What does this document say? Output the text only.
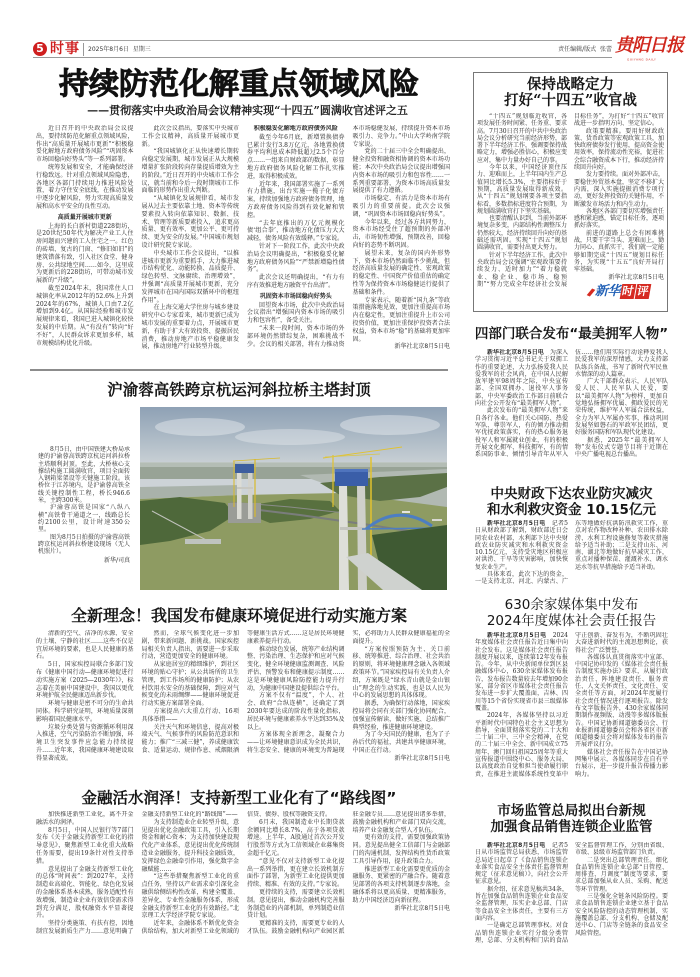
5 时事 2025年8月6日  星期三	责任编辑/版式  张蕾 贵阳日报
GUIYANG DAILY
持续防范化解重点领域风险
——贯彻落实中央政治局会议精神实现“十四五”圆满收官述评之五

近日召开的中央政治局会议提出，要持续防范化解重点领域风险，作出“高质量开展城市更新”“积极稳妥化解地方政府债务风险”“巩固资本市场回稳向好势头”等一系列部署。

统筹发展和安全，才能确保经济行稳致远。针对重点领域风险隐患，各地区各部门持续用力推进风险处置，着力守住安全底线，在推动发展中逐步化解风险，努力实现高质量发展和高水平安全的良性互动。

高质量开展城市更新

上海的长白新村街道228街坊，是20世纪50年代为解决产业工人住房问题而兴建的工人住宅之一。红色的砖墙、复古的门窗、“修旧如旧”的建筑错落有致，引入社区食堂、健身房、公共绿地空间……如今，这里成为更新后的228街坊，可带动城市发展新的“升级”。

截至2024年末，我国常住人口城镇化率从2012年的52.6%上升到2024年的67%，城镇人口由7.2亿增加到9.4亿。从国际经验和城市发展规律来看，我国已进入城镇化较快发展的中后期。从“有没有”转向“好不好”，人民群众诉求更加多样，城市规模结构优化升级。

此次会议指出，要落实中央城市工作会议精神，高质量开展城市更新。

“我国城镇化正从快速增长期转向稳定发展期，城市发展正从大规模增量扩张阶段转向存量提质增效为主的阶段。”近日召开的中央城市工作会议，就当前和今后一段时期城市工作面临的形势作出重大判断。

“从城镇化发展规律看，城市发展从过去主要依靠土地、资本等传统要素投入转向依靠知识、数据、技术、管理等新质要素投入，追求更高质量、更有效率、更加公平、更可持续、更为安全的发展。”中国城市规划设计研究院专家说。

中央城市工作会议提出，“以推进城市更新为重要抓手，大力推进城市结构优化、动能转换、品质提升、绿色转型、文脉赓续、治理增效”，并强调“高质量开展城市更新，充分发挥城市在国内国际双循环中的枢纽作用”。

在上海交通大学住房与城乡建设研究中心专家看来，城市更新已成为城市发展的重要着力点，开展城市更新，有助于扩大有效投资、提振居民消费，推动房地产市场平稳健康发展，推动房地产行业转型升级。

积极稳妥化解地方政府债务风险

截至今年6月底，新增置换债券已累计发行3.8万亿元，各地置换债券平均利息成本降低超过2.5个百分点……一组来自财政部的数据，彰显地方政府债务风险化解工作扎实推进，取得积极成效。

近年来，我国部署实施了一系列有力措施，出台实施一揽子化债方案，持续加强地方政府债务管理，地方政府债务风险得到有效化解和管控。

“去年底推出的万亿元规模化债‘组合拳’，推动地方化债压力大大减轻，债务风险有效缓释。”专家说。

针对下一阶段工作，此次中央政治局会议明确提出，“积极稳妥化解地方政府债务风险”“严禁新增隐性债务”。

此次会议还明确提出，“有力有序有效推进地方融资平台出清”。

巩固资本市场回稳向好势头

回望资本市场，此次中央政治局会议指出“增强国内资本市场的吸引力和包容性”，备受关注。

“未来一段时间，资本市场的外部环境仍然错综复杂，困难挑战不少。会议的相关部署，将有力推动资本市场稳健发展，持续提升资本市场吸引力、竞争力。”中山大学岭南学院专家说。

党的二十届三中全会明确提出，健全投资和融资相协调的资本市场功能；本次中央政治局会议提出增强国内资本市场的吸引力和包容性……一系列重要部署，为资本市场高质量发展提供了有力遵循。

市场稳定、有活力是资本市场有吸引力的重要前提。此次会议强调，“巩固资本市场回稳向好势头”。

今年以来，经过各方共同努力，资本市场经受住了超预期的外部冲击，市场韧性增强，预期改善，回稳向好的态势不断巩固。

展望未来，复杂的国内外形势下，资本市场仍然面临不少挑战，但经济高质量发展的确定性、宏观政策的稳定性、中国资产价值重估的确定性等为保持资本市场稳健运行提供了基础和条件。

专家表示，随着新“国九条”等政策措施落地见效，更加注重提高市场内在稳定性，更加注重提升上市公司投资价值，更加注重保护投资者合法权益，资本市场“稳”的基础将更加牢固。

新华社北京8月5日电

沪渝蓉高铁跨京杭运河斜拉桥主塔封顶

8月5日，由中国铁建大桥局承建的沪渝蓉高铁跨京杭运河斜拉桥主塔顺利封顶。至此，大桥核心支撑结构施工圆满收官，项目全面转入钢箱梁架设等关键施工阶段。该桥位于江苏境内，是沪渝蓉高铁全线关键控制性工程，桥长946.6米，主跨300米。

沪渝蓉高铁是国家“八纵八横”高铁骨干通道之一，线路总长约2100公里，设计时速350公里。

图为8月5日拍摄的沪渝蓉高铁跨京杭运河斜拉桥建设现场（无人机照片）。

新华/司真

全新理念！我国发布健康环境促进行动实施方案

清新的空气、洁净的水源、安全的土壤、宁静的社区……这些不仅是宜居环境的要素，也是人民健康的基石。

5日，国家疾控局联合多部门发布《健康中国行动—健康环境促进行动实施方案（2025—2030年）》，标志着在美丽中国建设中，我国以更优环境护航全民健康迈出新步伐。

环境与健康是密不可分的生命共同体。科学研究证明，环境质量深刻影响着国民健康水平。

垃圾分类处置与资源循环利用深入推进，空气污染防治不断加强，环境卫生突发事件应急能力持续提升……近年来，我国健康环境建设取得显著成效。

然而，全球气候变化进一步加剧，带来新问题、新挑战。国家疾控局相关负责人指出，需要进一步采取行动，营造更加安全的健康环境。

从家庭居室的精细维护，到社区环境的贴心守护；从公共场所的卫生管理，到工作场所的健康防护；从农村饮用水安全的基础保障，到应对气候变化的未雨绸缪——健康环境促进行动实施方案部署全面。

方案提出六大重点行动、16项具体举措——

关注天气和环境信息，提高对极端天气、气候事件的风险防范意识和能力；推广“三减三健”，养成健康饮食、适量运动、规律作息、戒烟限酒等健康生活方式……这是居民环境健康素养提升行动。

推动绿色发展，统筹产业结构调整、污染治理、生态保护和应对气候变化，健全环境健康监测调查、风险评估、预警发布和健康提示制度……这是环境健康风险防控能力提升行动，为健康中国建设提供综合平台。

方案不仅有“温度”，个人、社会、政府“合纵连横”，还确定了到2030年要达成的阶段性量化指标，居民环境与健康素养水平达到35%及以上。

方案体现全新理念，凝聚合力——让环境健康意识成为全民共识，将生态安全、健康的环境变为普遍现实，必将助力人民群众健康福祉的全面提升。

“方案按照预防为主、关口前移、统筹推进、综合治理、社会共治的原则，将环境健康理念融入各领域政策环节。”国家疾控局有关负责人介绍，方案既是“绿水青山就是金山银山”理念的生动实践，也是以人民为中心的发展思想的具体体现。

据悉，为确保行动落地，国家疾控局将会同有关部门强化协同配合，加强宣传解读，做好实施、总结推广典型经验，推进健康环境建设。

为了今天国民的健康，也为了子孙后代的福祉，共建共享健康环境，中国正在行动。

新华社北京8月5日电

金融活水润泽！支持新型工业化有了“路线图”

加快推进新型工业化，离不开金融活水的润泽。

8月5日，中国人民银行等7部门发布《关于金融支持新型工业化的指导意见》，聚焦新型工业化重大战略任务需要，提出19条针对性支持举措。

意见提出了金融支持新型工业化的总体“时间表”：到2027年，支持制造业高端化、智能化、绿色化发展的金融体系基本成熟，服务适配性有效增强，制造业企业有效信贷需求得到充分满足，股权融资水平显著提升。

坚持分类施策、有扶有控，因地制宜发展新质生产力……意见明确了金融支持新型工业化的“路线图”——

为支持制造业企业转型升级，意见提出优化金融政策工具，引入长期资金和耐心资本；为支持加快建设现代化产业体系，意见提出优化传统制造业金融服务，提升科技金融质效，发挥绿色金融牵引作用，强化数字金融赋能……

“这些举措聚焦新型工业化的重点任务，坚持以产业需求牵引深化金融供给侧结构性改革，构建全覆盖、差异化、专业性金融服务体系，形成金融支持新型工业化的有效路径。”北京理工大学经济学院专家说。

近年来，金融体系不断优化资金供给结构，加大对新型工业化领域的信贷、债券、股权等融资支持。

6月末，我国制造业中长期贷款余额同比增长8.7%，高于各项贷款增速。上半年，A股通过首次公开发行股票等方式为工信领域企业募集资金超千亿元。

“意见不仅对支持新型工业化提出一系列举措，更在建立长效机制方面作了部署，为新型工业化提供更加持续、精准、有效的支持。”专家说。

更持续的支持，需要建立长效机制。意见提出，推动金融机构完善服务制造业的内部机制，单列制造业信贷计划。

更精准的支持，需要更专业的人才队伍。鼓励金融机构向产业园区派驻金融专员……意见提出诸多举措，鼓励金融机构和产业部门双向交流，培养产业金融复合型人才队伍。

更有效的支持，需要加强政策协同。意见提出健全工信部门与金融部门的沟通机制，发挥结构性货币政策工具引导作用，提升政策合力。

推进新型工业化需要更优质的金融服务、更紧密的产融合作。随着意见部署的各项支持机制逐步落地，金融体系将以更高质量、更精准服务，助力中国经济迈向新征程。

新华社北京8月5日电

保持战略定力
打好“十四五”收官战

“十四五”规划临近收官，各项发展任务时间紧、任务重、要求高。7月30日召开的中共中央政治局会议分析研究当前经济形势，部署下半年经济工作，强调要保持战略定力，增强必胜信心，积极应变应对，集中力量办好自己的事。

今年以来，中国经济顶住压力、迎难而上，上半年国内生产总值同比增长5.3%，主要指标好于预期，高质量发展取得新成效。从“十四五”规划纲要各项主要指标看，多数指标进度符合预期，为规划圆满收官打下坚实基础。

也要清醒认识到，当前外部环境复杂多变，内部结构性调整压力仍然较大，经济持续回升向好的基础还需巩固。实现“十四五”规划圆满收官，需要付出更大努力。

针对下半年经济工作，此次中央政治局会议强调“宏观政策要持续发力、适时加力”“着力稳就业、稳企业、稳市场、稳预期”“努力完成全年经济社会发展目标任务”，为打好“十四五”收官战进一步指明方向、坚定信心。

政策要精准。要用好财政政策、货币政策等宏观政策工具，加快政府债券发行使用，提高资金使用效率，保持流动性充裕，促进社会综合融资成本下行，推动经济持续回升向好。

发力要持续。面对外部冲击，要稳住外贸基本盘，坚定不移扩大内需，深入实施提振消费专项行动，更好发挥投资的关键作用，不断激发市场活力和内生动力。

各地区各部门要切实增强责任感和紧迫感，锚定目标任务，逐项抓好落实。

前进的道路上总会有困难挑战，只要干字当头、迎难而上，勠力同心、真抓实干，我们就一定能够如期完成“十四五”规划目标任务，为实现“十五五”良好开局打牢基础。

新华社北京8月5日电

新华时评
四部门联合发布“最美拥军人物”

新华社北京8月5日电　为深入学习贯彻习近平总书记关于双拥工作的重要论述，大力弘扬爱我人民爱我军的社会风尚，在中国人民解放军建军98周年之际，中央宣传部、全国双拥办、退役军人事务部、中央军委政治工作部日前联合向社会公开发布“最美拥军人物”。

此次发布的“最美拥军人物”来自各行各业。他们关心国防、热爱军队、尊崇军人，有的倾力推动拥军优抚政策落实，有的热心服务退役军人和军属就业创业，有的积极开展文化拥军、科技拥军，有的情系国防事业、倾情引导青年从军入伍……他们用实际行动诠释爱我人民爱我军的深厚情感，大力支持部队练兵备战，书写了新时代军民鱼水情深的动人篇章。

广大干部群众表示，人民军队爱人民、人民军队人民爱，要以“最美拥军人物”为榜样，更加自觉地弘扬拥军优属、拥政爱民的光荣传统，维护军人军属合法权益，全力为军人军属办实事，推动巩固发展坚如磐石的军政军民团结，更好服务国防和军队现代化建设。

据悉，2025年“最美拥军人物”发布仪式专题节目将于近期在中央广播电视总台播出。

中央财政下达农业防灾减灾
和水利救灾资金 10.15亿元

新华社北京8月5日电　记者5日从财政部了解到，财政部近日会同农业农村部、水利部下达中央财政农业防灾减灾和水利救灾资金10.15亿元，支持受灾地区积极应对洪涝、干旱等灾害影响，加快恢复农业生产。

具体来看，此次下达的资金，一是支持北京、河北、内蒙古、广东等地做好抗洪防汛救灾工作，重点对农作物改种补种、农田排水除涝、水利工程设施修复等救灾措施给予适当补助；二是支持山东、河南、湖北等地做好抗旱减灾工作，重点对播种保苗、灌溉补水、调水运水等抗旱措施给予适当补助。

630余家媒体集中发布
2024年度媒体社会责任报告

新华社北京8月5日电　2024年度媒体社会责任报告近日集中向社会发布。这是媒体社会责任报告制度开展以来，连续第12年发布报告。今年，从中央新闻单位到区县融媒体中心，630余家媒体发布报告，发布报告数量较去年增加90余家，部分省区市媒体社会责任报告发布进一步扩大覆盖面，吉林、四川等15个省份实现省市县三级媒体覆盖。

2024年，各媒体坚持以习近平新时代中国特色社会主义思想为指导，全面贯彻落实党的二十大和二十届二中、三中全会精神，在党的二十届三中全会、新中国成立75周年、澳门回归祖国25周年等重大宣传报道中围绕中心、服务大局，以高度政治自觉和担当使命履行职责，在推进主流媒体系统性变革中守正创新、奋发有为，不断巩固壮大奋进新时代的主流思想舆论，获得社会广泛赞誉。

各媒体认真贯彻落实中宣部、中国记协印发的《媒体社会责任报告制度实施办法》要求，从履行政治责任、阵地建设责任、服务责任、人文关怀责任、文化责任、安全责任等方面，对2024年度履行社会责任情况进行逐项报告。除发布文字版报告外，430余家媒体同期制作视频版、动漫等多媒体版报告。中国记协新闻道德委员会、行业报新闻道德委员会和各省区市新闻道德委员会将对媒体发布的报告开展评议打分。

媒体社会责任报告在中国记协网集中展示，各媒体同步在自有平台展示，进一步提升报告传播力影响力。

市场监管总局拟出台新规
加强食品销售连锁企业监管

新华社北京8月5日电　记者5日从市场监管总局获悉，市场监管总局近日起草了《食品销售连锁企业落实食品安全主体责任监督管理规定（征求意见稿）》，向社会公开征求意见。

据介绍，征求意见稿共34条，旨在加强食品销售连锁企业食品安全监督管理，压实企业总部、门店等食品安全主体责任，主要有三方面内容。

一是确定总部管理事权。对食品销售连锁企业实行分级分类管理，总部、分支机构和门店的食品安全监督管理工作，分别由省级、市级、县级市场监管部门负责。

二是突出总部管理责任。细化食品销售连锁企业总部“日管控、周排查、月调度”制度等要求，要求总部加强从业人员、采购、配送等环节管理。

三是强化全链条风险防控。要求食品销售连锁企业建立基于食品安全风险防控的动态管理机制，实施覆盖总部、分支机构、仓储及配送中心、门店等全链条的食品安全风险管控。
